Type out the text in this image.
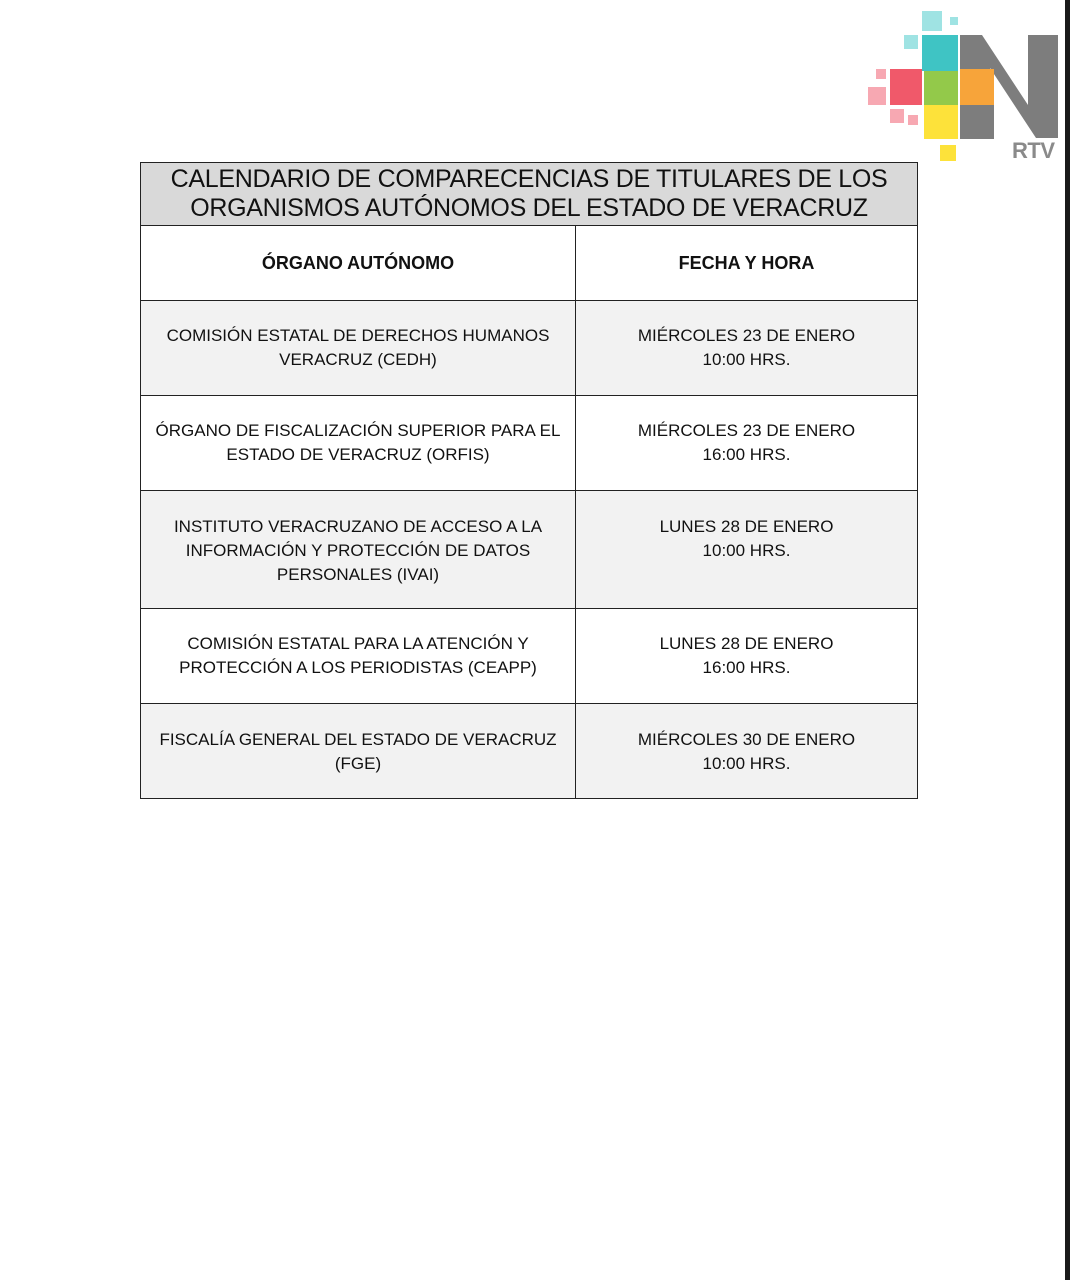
RTV
CALENDARIO DE COMPARECENCIAS DE TITULARES DE LOS
ORGANISMOS AUTÓNOMOS DEL ESTADO DE VERACRUZ	

ÓRGANO AUTÓNOMO	FECHA Y HORA

COMISIÓN ESTATAL DE DERECHOS HUMANOS
VERACRUZ (CEDH)	MIÉRCOLES 23 DE ENERO
10:00 HRS.

ÓRGANO DE FISCALIZACIÓN SUPERIOR PARA EL
ESTADO DE VERACRUZ (ORFIS)	MIÉRCOLES 23 DE ENERO
16:00 HRS.

INSTITUTO VERACRUZANO DE ACCESO A LA
INFORMACIÓN Y PROTECCIÓN DE DATOS
PERSONALES (IVAI)	LUNES 28 DE ENERO
10:00 HRS.

COMISIÓN ESTATAL PARA LA ATENCIÓN Y
PROTECCIÓN A LOS PERIODISTAS (CEAPP)	LUNES 28 DE ENERO
16:00 HRS.

FISCALÍA GENERAL DEL ESTADO DE VERACRUZ (FGE)	MIÉRCOLES 30 DE ENERO
10:00 HRS.
